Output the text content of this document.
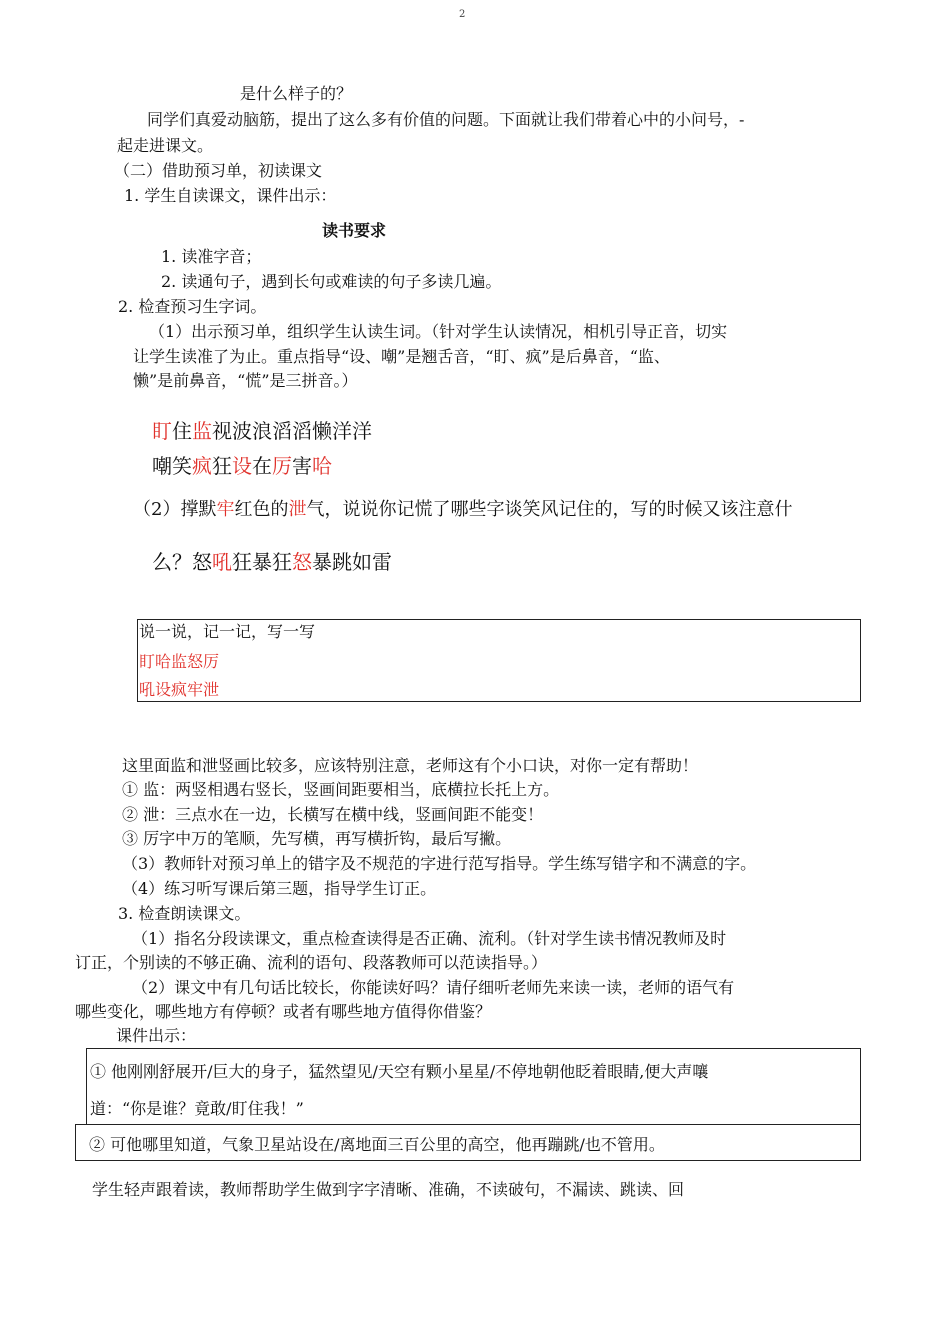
2
是什么样子的？
同学们真爱动脑筋，提出了这么多有价值的问题。下面就让我们带着心中的小问号，-
起走进课文。
（二）借助预习单，初读课文
1. 学生自读课文，课件出示：
读书要求
1. 读准字音；
2. 读通句子，遇到长句或难读的句子多读几遍。
2. 检查预习生字词。
（1）出示预习单，组织学生认读生词。（针对学生认读情况，相机引导正音，切实
让学生读准了为止。重点指导“设、嘲”是翘舌音，“盯、疯”是后鼻音，“监、
懒”是前鼻音，“慌”是三拼音。）
盯住监视波浪滔滔懒洋洋
嘲笑疯狂设在厉害哈
（2）撑默牢红色的泄气，说说你记慌了哪些字谈笑风记住的，写的时候又该注意什
么？怒吼狂暴狂怒暴跳如雷
说一说，记一记，写一写
盯哈监怒厉
吼设疯牢泄
这里面监和泄竖画比较多，应该特别注意，老师这有个小口诀，对你一定有帮助！
① 监：两竖相遇右竖长，竖画间距要相当，底横拉长托上方。
② 泄：三点水在一边，长横写在横中线，竖画间距不能变！
③ 厉字中万的笔顺，先写横，再写横折钩，最后写撇。
（3）教师针对预习单上的错字及不规范的字进行范写指导。学生练写错字和不满意的字。
（4）练习听写课后第三题，指导学生订正。
3. 检查朗读课文。
（1）指名分段读课文，重点检查读得是否正确、流利。（针对学生读书情况教师及时
订正，个别读的不够正确、流利的语句、段落教师可以范读指导。）
（2）课文中有几句话比较长，你能读好吗？请仔细听老师先来读一读，老师的语气有
哪些变化，哪些地方有停顿？或者有哪些地方值得你借鉴？
课件出示：
① 他刚刚舒展开/巨大的身子，猛然望见/天空有颗小星星/不停地朝他眨着眼睛,便大声嚷
道：“你是谁？竟敢/盯住我！”
② 可他哪里知道，气象卫星站设在/离地面三百公里的高空，他再蹦跳/也不管用。
学生轻声跟着读，教师帮助学生做到字字清晰、准确，不读破句，不漏读、跳读、回
